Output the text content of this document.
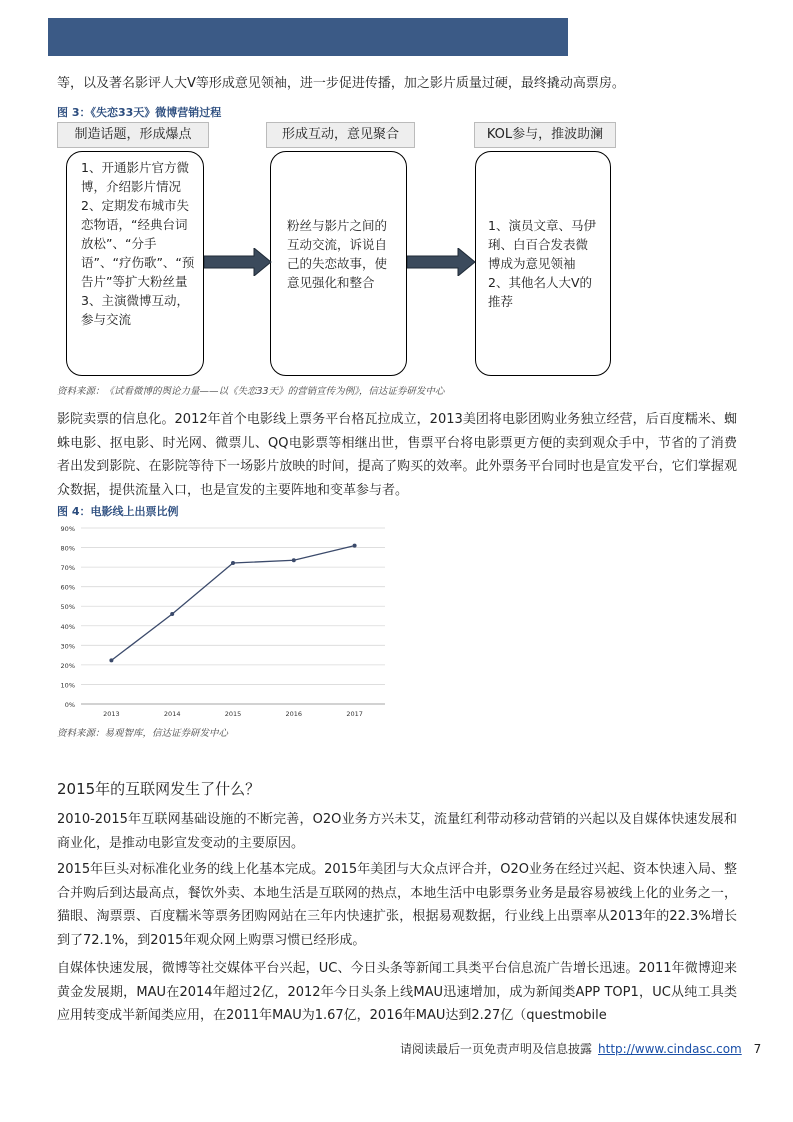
等，以及著名影评人大V等形成意见领袖，进一步促进传播，加之影片质量过硬，最终撬动高票房。

图 3：《失恋33天》微博营销过程

制造话题，形成爆点	形成互动，意见聚合	KOL参与，推波助澜
1、开通影片官方微博，介绍影片情况
2、定期发布城市失恋物语，“经典台词放松”、“分手语”、“疗伤歌”、“预告片”等扩大粉丝量
3、主演微博互动，参与交流
粉丝与影片之间的互动交流，诉说自己的失恋故事，使意见强化和整合
1、演员文章、马伊琍、白百合发表微博成为意见领袖
2、其他名人大V的推荐

资料来源：《试看微博的舆论力量——以《失恋33天》的营销宣传为例》，信达证券研发中心

影院卖票的信息化。2012年首个电影线上票务平台格瓦拉成立，2013美团将电影团购业务独立经营，后百度糯米、蜘蛛电影、抠电影、时光网、微票儿、QQ电影票等相继出世，售票平台将电影票更方便的卖到观众手中，节省的了消费者出发到影院、在影院等待下一场影片放映的时间，提高了购买的效率。此外票务平台同时也是宣发平台，它们掌握观众数据，提供流量入口，也是宣发的主要阵地和变革参与者。

图 4：电影线上出票比例

0%
10%
20%
30%
40%
50%
60%
70%
80%
90%
2013	2014	2015	2016	2017

资料来源：易观智库，信达证券研发中心

2015年的互联网发生了什么？

2010-2015年互联网基础设施的不断完善，O2O业务方兴未艾，流量红利带动移动营销的兴起以及自媒体快速发展和商业化，是推动电影宣发变动的主要原因。

2015年巨头对标准化业务的线上化基本完成。2015年美团与大众点评合并，O2O业务在经过兴起、资本快速入局、整合并购后到达最高点，餐饮外卖、本地生活是互联网的热点，本地生活中电影票务业务是最容易被线上化的业务之一，猫眼、淘票票、百度糯米等票务团购网站在三年内快速扩张，根据易观数据，行业线上出票率从2013年的22.3%增长到了72.1%，到2015年观众网上购票习惯已经形成。

自媒体快速发展，微博等社交媒体平台兴起，UC、今日头条等新闻工具类平台信息流广告增长迅速。2011年微博迎来黄金发展期，MAU在2014年超过2亿，2012年今日头条上线MAU迅速增加，成为新闻类APP TOP1，UC从纯工具类应用转变成半新闻类应用，在2011年MAU为1.67亿，2016年MAU达到2.27亿（questmobile

请阅读最后一页免责声明及信息披露 http://www.cindasc.com 7
